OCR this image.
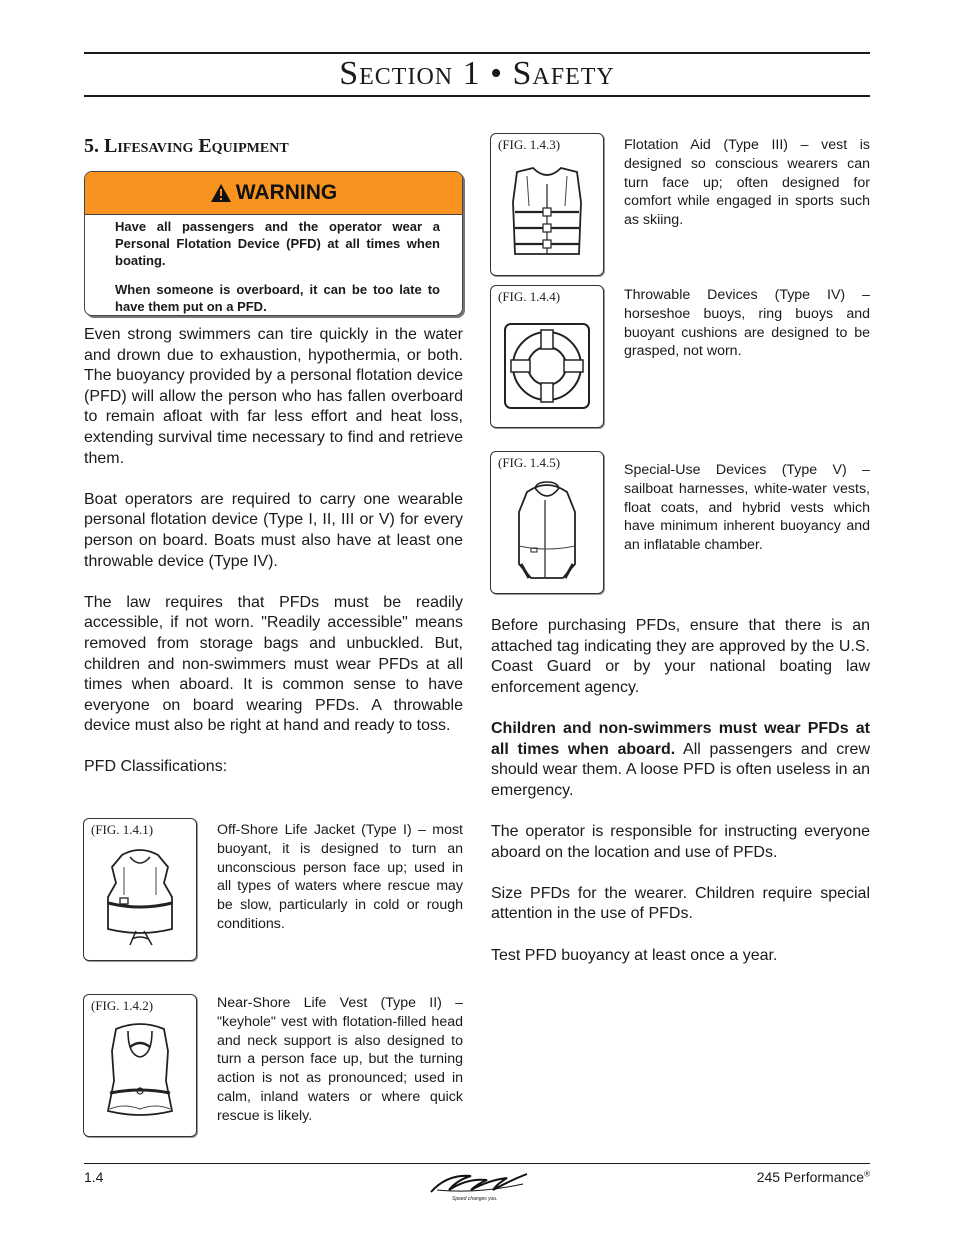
Section 1 • Safety
5. Lifesaving Equipment
WARNING

Have all passengers and the operator wear a Personal Flotation Device (PFD) at all times when boating.

When someone is overboard, it can be too late to have them put on a PFD.

Even strong swimmers can tire quickly in the water and drown due to exhaustion, hypothermia, or both. The buoyancy provided by a personal flotation device (PFD) will allow the person who has fallen overboard to remain afloat with far less effort and heat loss, extending survival time necessary to find and retrieve them.

Boat operators are required to carry one wearable personal flotation device (Type I, II, III or V) for every person on board. Boats must also have at least one throwable device (Type IV).

The law requires that PFDs must be readily accessible, if not worn. "Readily accessible" means removed from storage bags and unbuckled. But, children and non-swimmers must wear PFDs at all times when aboard. It is common sense to have everyone on board wearing PFDs. A throwable device must also be right at hand and ready to toss.

PFD Classifications:

(FIG. 1.4.1)	Off-Shore Life Jacket (Type I) – most buoyant, it is designed to turn an unconscious person face up; used in all types of waters where rescue may be slow, particularly in cold or rough conditions.
(FIG. 1.4.2)	Near-Shore Life Vest (Type II) – "keyhole" vest with flotation-filled head and neck support is also designed to turn a person face up, but the turning action is not as pronounced; used in calm, inland waters or where quick rescue is likely.
(FIG. 1.4.3)	Flotation Aid (Type III) – vest is designed so conscious wearers can turn face up; often designed for comfort while engaged in sports such as skiing.
(FIG. 1.4.4)	Throwable Devices (Type IV) – horseshoe buoys, ring buoys and buoyant cushions are designed to be grasped, not worn.
(FIG. 1.4.5)	Special-Use Devices (Type V) – sailboat harnesses, white-water vests, float coats, and hybrid vests which have minimum inherent buoyancy and an inflatable chamber.

Before purchasing PFDs, ensure that there is an attached tag indicating they are approved by the U.S. Coast Guard or by your national boating law enforcement agency.

Children and non-swimmers must wear PFDs at all times when aboard. All passengers and crew should wear them. A loose PFD is often useless in an emergency.

The operator is responsible for instructing everyone aboard on the location and use of PFDs.

Size PFDs for the wearer. Children require special attention in the use of PFDs.

Test PFD buoyancy at least once a year.

1.4
Speed changes you.
245 Performance®
